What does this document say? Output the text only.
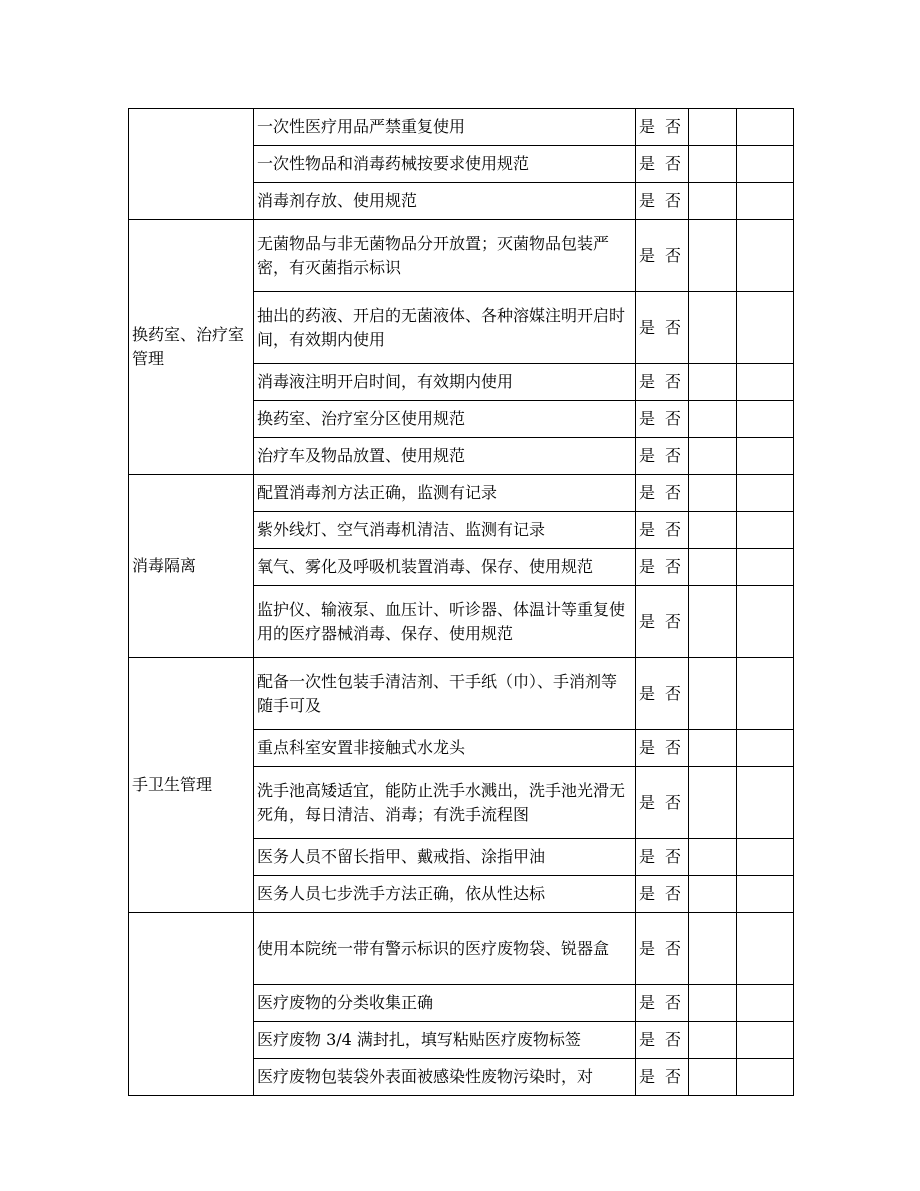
	一次性医疗用品严禁重复使用	是 否		
	一次性物品和消毒药械按要求使用规范	是 否		
	消毒剂存放、使用规范	是 否		
换药室、治疗室管理	无菌物品与非无菌物品分开放置；灭菌物品包装严密，有灭菌指示标识	是 否		
	抽出的药液、开启的无菌液体、各种溶媒注明开启时间，有效期内使用	是 否		
	消毒液注明开启时间，有效期内使用	是 否		
	换药室、治疗室分区使用规范	是 否		
	治疗车及物品放置、使用规范	是 否		
消毒隔离	配置消毒剂方法正确，监测有记录	是 否		
	紫外线灯、空气消毒机清洁、监测有记录	是 否		
	氧气、雾化及呼吸机装置消毒、保存、使用规范	是 否		
	监护仪、输液泵、血压计、听诊器、体温计等重复使用的医疗器械消毒、保存、使用规范	是 否		
手卫生管理	配备一次性包装手清洁剂、干手纸（巾）、手消剂等随手可及	是 否		
	重点科室安置非接触式水龙头	是 否		
	洗手池高矮适宜，能防止洗手水溅出，洗手池光滑无死角，每日清洁、消毒；有洗手流程图	是 否		
	医务人员不留长指甲、戴戒指、涂指甲油	是 否		
	医务人员七步洗手方法正确，依从性达标	是 否		
	使用本院统一带有警示标识的医疗废物袋、锐器盒	是 否		
	医疗废物的分类收集正确	是 否		
	医疗废物 3/4 满封扎，填写粘贴医疗废物标签	是 否		
	医疗废物包装袋外表面被感染性废物污染时，对	是 否		
